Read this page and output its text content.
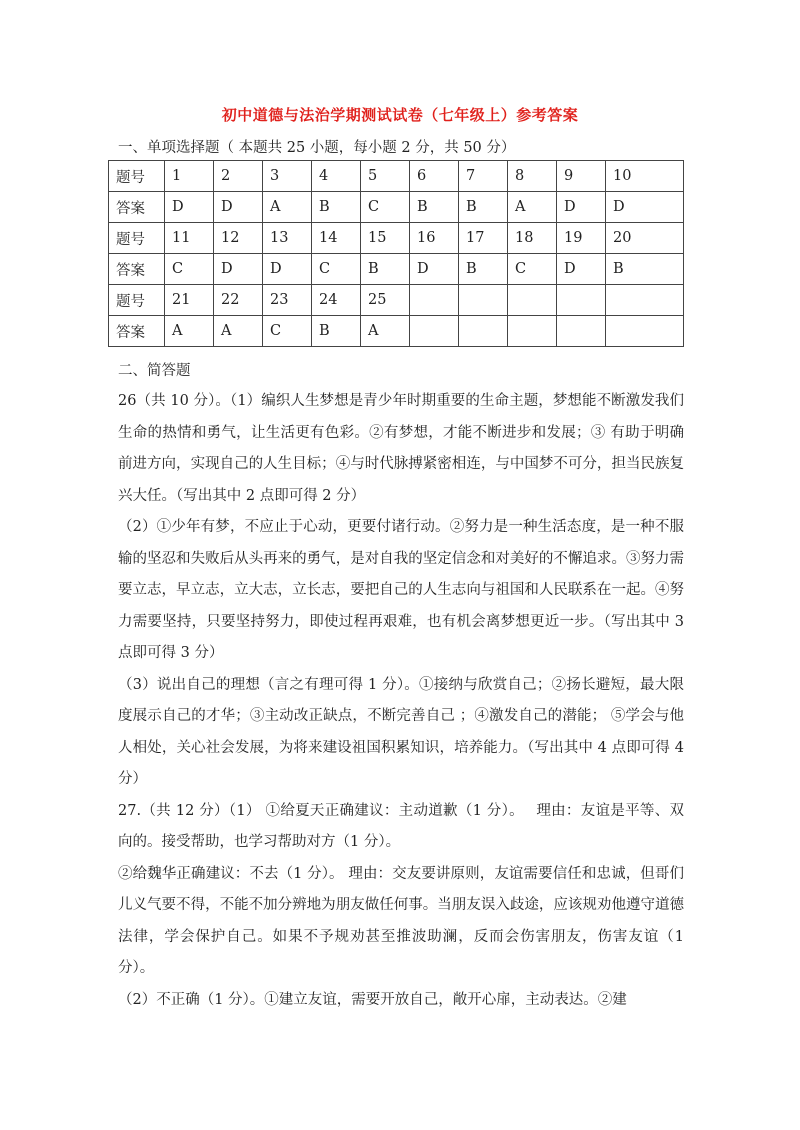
初中道德与法治学期测试试卷（七年级上）参考答案
一、单项选择题（ 本题共 25 小题，每小题 2 分，共 50 分）
题号	1	2	3	4	5	6	7	8	9	10
答案	D	D	A	B	C	B	B	A	D	D
题号	11	12	13	14	15	16	17	18	19	20
答案	C	D	D	C	B	D	B	C	D	B
题号	21	22	23	24	25					
答案	A	A	C	B	A					
二、简答题

26（共 10 分）。（1）编织人生梦想是青少年时期重要的生命主题，梦想能不断激发我们生命的热情和勇气，让生活更有色彩。②有梦想，才能不断进步和发展；③ 有助于明确前进方向，实现自己的人生目标；④与时代脉搏紧密相连，与中国梦不可分，担当民族复兴大任。（写出其中 2 点即可得 2 分）

（2）①少年有梦，不应止于心动，更要付诸行动。②努力是一种生活态度，是一种不服输的坚忍和失败后从头再来的勇气，是对自我的坚定信念和对美好的不懈追求。③努力需要立志，早立志，立大志，立长志，要把自己的人生志向与祖国和人民联系在一起。④努力需要坚持，只要坚持努力，即使过程再艰难，也有机会离梦想更近一步。（写出其中 3 点即可得 3 分）

（3）说出自己的理想（言之有理可得 1 分）。①接纳与欣赏自己；②扬长避短，最大限度展示自己的才华；③主动改正缺点，不断完善自己 ；④激发自己的潜能； ⑤学会与他人相处，关心社会发展，为将来建设祖国积累知识，培养能力。（写出其中 4 点即可得 4 分）

27.（共 12 分）（1） ①给夏天正确建议：主动道歉（1 分）。　 理由：友谊是平等、双向的。接受帮助，也学习帮助对方（1 分）。

②给魏华正确建议：不去（1 分）。 理由：交友要讲原则，友谊需要信任和忠诚，但哥们儿义气要不得，不能不加分辨地为朋友做任何事。当朋友误入歧途，应该规劝他遵守道德法律，学会保护自己。如果不予规劝甚至推波助澜，反而会伤害朋友，伤害友谊（1 分）。

（2）不正确（1 分）。①建立友谊，需要开放自己，敞开心扉，主动表达。②建
